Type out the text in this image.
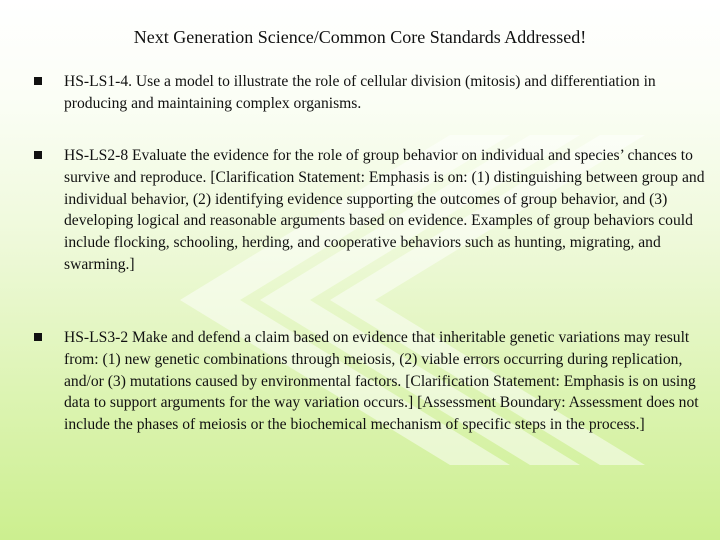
Next Generation Science/Common Core Standards Addressed!
HS-LS1-4. Use a model to illustrate the role of cellular division (mitosis) and differentiation in producing and maintaining complex organisms.
HS-LS2-8 Evaluate the evidence for the role of group behavior on individual and species’ chances to survive and reproduce. [Clarification Statement: Emphasis is on: (1) distinguishing between group and individual behavior, (2) identifying evidence supporting the outcomes of group behavior, and (3) developing logical and reasonable arguments based on evidence. Examples of group behaviors could include flocking, schooling, herding, and cooperative behaviors such as hunting, migrating, and swarming.]
HS-LS3-2 Make and defend a claim based on evidence that inheritable genetic variations may result from: (1) new genetic combinations through meiosis, (2) viable errors occurring during replication, and/or (3) mutations caused by environmental factors. [Clarification Statement: Emphasis is on using data to support arguments for the way variation occurs.] [Assessment Boundary: Assessment does not include the phases of meiosis or the biochemical mechanism of specific steps in the process.]
